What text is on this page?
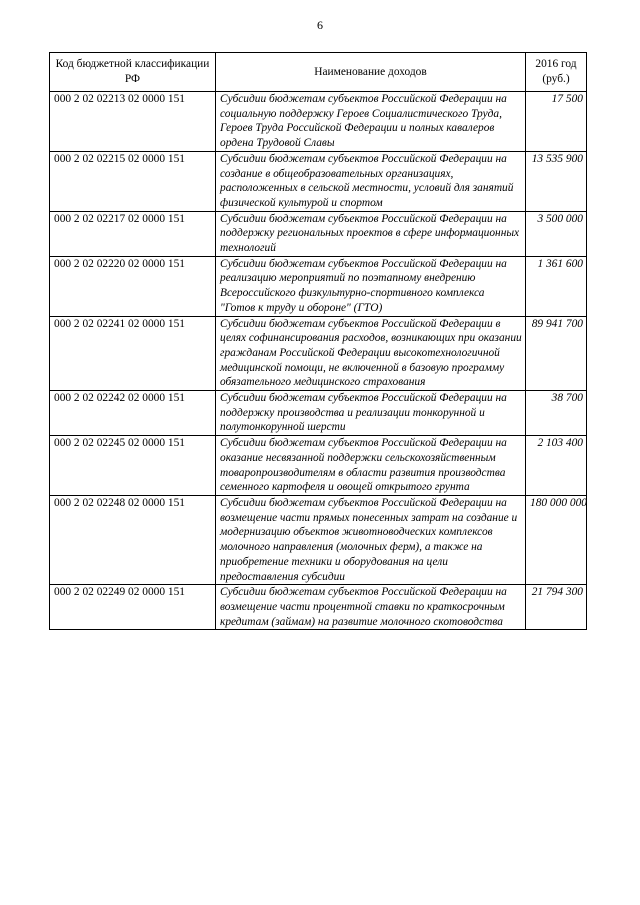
6
Код бюджетной классификации РФ	Наименование доходов	2016 год (руб.)
000 2 02 02213 02 0000 151	Субсидии бюджетам субъектов Российской Федерации на социальную поддержку Героев Социалистического Труда, Героев Труда Российской Федерации и полных кавалеров ордена Трудовой Славы	17 500
000 2 02 02215 02 0000 151	Субсидии бюджетам субъектов Российской Федерации на создание в общеобразовательных организациях, расположенных в сельской местности, условий для занятий физической культурой и спортом	13 535 900
000 2 02 02217 02 0000 151	Субсидии бюджетам субъектов Российской Федерации на поддержку региональных проектов в сфере информационных технологий	3 500 000
000 2 02 02220 02 0000 151	Субсидии бюджетам субъектов Российской Федерации на реализацию мероприятий по поэтапному внедрению Всероссийского физкультурно-спортивного комплекса "Готов к труду и обороне" (ГТО)	1 361 600
000 2 02 02241 02 0000 151	Субсидии бюджетам субъектов Российской Федерации в целях софинансирования расходов, возникающих при оказании гражданам Российской Федерации высокотехнологичной медицинской помощи, не включенной в базовую программу обязательного медицинского страхования	89 941 700
000 2 02 02242 02 0000 151	Субсидии бюджетам субъектов Российской Федерации на поддержку производства и реализации тонкорунной и полутонкорунной шерсти	38 700
000 2 02 02245 02 0000 151	Субсидии бюджетам субъектов Российской Федерации на оказание несвязанной поддержки сельскохозяйственным товаропроизводителям в области развития производства семенного картофеля и овощей открытого грунта	2 103 400
000 2 02 02248 02 0000 151	Субсидии бюджетам субъектов Российской Федерации на возмещение части прямых понесенных затрат на создание и модернизацию объектов животноводческих комплексов молочного направления (молочных ферм), а также на приобретение техники и оборудования на цели предоставления субсидии	180 000 000
000 2 02 02249 02 0000 151	Субсидии бюджетам субъектов Российской Федерации на возмещение части процентной ставки по краткосрочным кредитам (займам) на развитие молочного скотоводства	21 794 300
